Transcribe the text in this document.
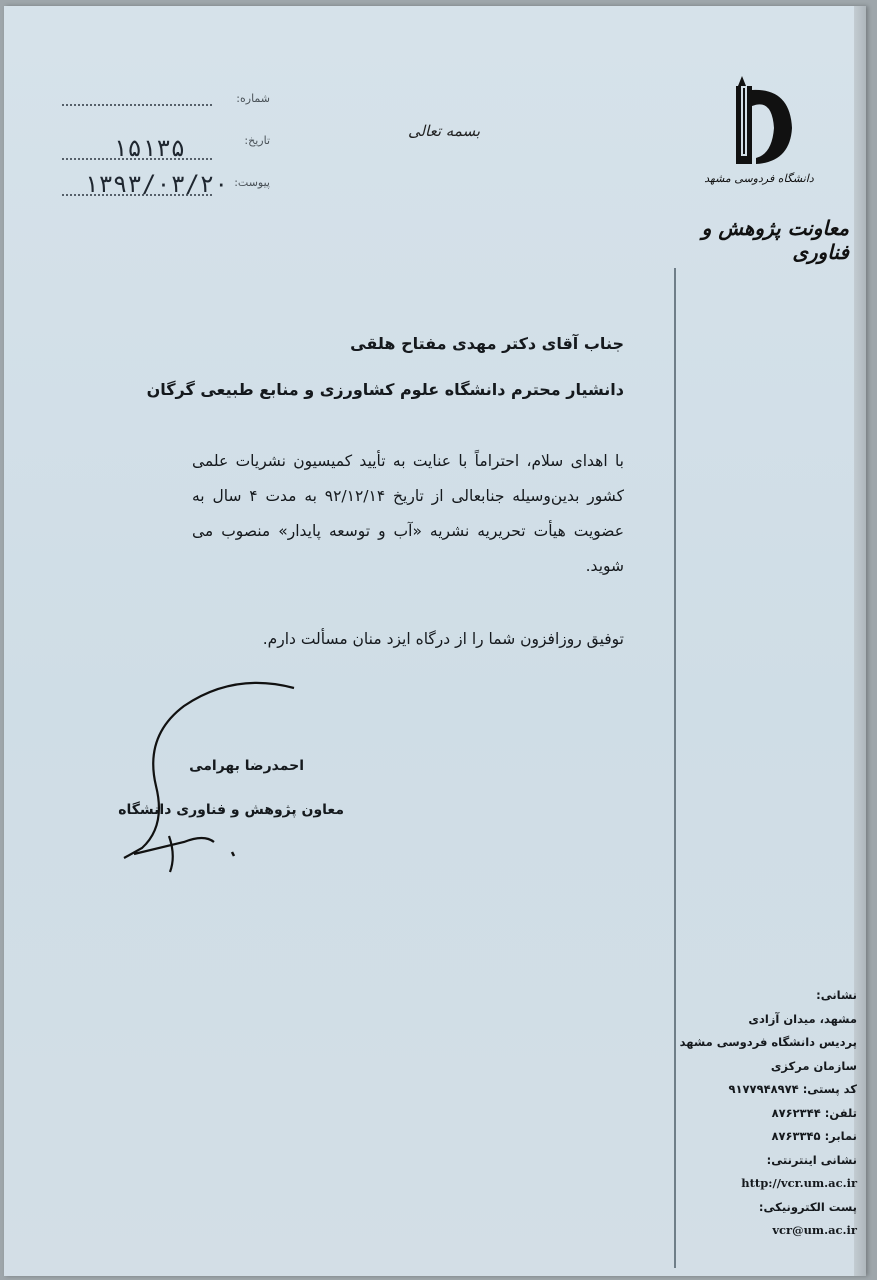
شماره:
تاریخ:
۱۵۱۳۵
پیوست:
۱۳۹۳/۰۳/۲۰
بسمه تعالی
دانشگاه فردوسی مشهد
معاونت پژوهش و فناوری
جناب آقای دکتر مهدی مفتاح هلقی
دانشیار محترم دانشگاه علوم کشاورزی و منابع طبیعی گرگان
با اهدای سلام، احتراماً با عنایت به تأیید کمیسیون نشریات علمی کشور بدین‌وسیله جنابعالی از تاریخ ۹۲/۱۲/۱۴ به مدت ۴ سال به عضویت هیأت تحریریه نشریه «آب و توسعه پایدار» منصوب می شوید.
توفیق روزافزون شما را از درگاه ایزد منان مسألت دارم.
احمدرضا بهرامی
معاون پژوهش و فناوری دانشگاه
نشانی:
مشهد، میدان آزادی
پردیس دانشگاه فردوسی مشهد
سازمان مرکزی
کد پستی: ۹۱۷۷۹۴۸۹۷۴
تلفن: ۸۷۶۲۳۴۴
نمابر: ۸۷۶۳۳۴۵
نشانی اینترنتی:
http://vcr.um.ac.ir
پست الکترونیکی:
vcr@um.ac.ir
